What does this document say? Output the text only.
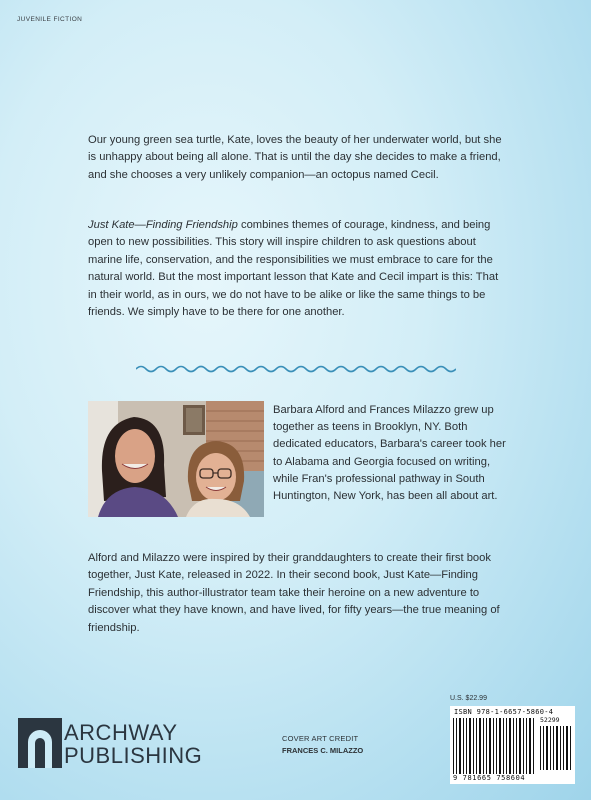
JUVENILE FICTION

Our young green sea turtle, Kate, loves the beauty of her underwater world, but she is unhappy about being all alone. That is until the day she decides to make a friend, and she chooses a very unlikely companion—an octopus named Cecil.

Just Kate—Finding Friendship combines themes of courage, kindness, and being open to new possibilities. This story will inspire children to ask questions about marine life, conservation, and the responsibilities we must embrace to care for the natural world. But the most important lesson that Kate and Cecil impart is this: That in their world, as in ours, we do not have to be alike or like the same things to be friends. We simply have to be there for one another.

Barbara Alford and Frances Milazzo grew up together as teens in Brooklyn, NY. Both dedicated educators, Barbara's career took her to Alabama and Georgia focused on writing, while Fran's professional pathway in South Huntington, New York, has been all about art.

Alford and Milazzo were inspired by their granddaughters to create their first book together, Just Kate, released in 2022. In their second book, Just Kate—Finding Friendship, this author-illustrator team take their heroine on a new adventure to discover what they have known, and have lived, for fifty years—the true meaning of friendship.

ARCHWAY
PUBLISHING
COVER ART CREDIT
FRANCES C. MILAZZO
U.S. $22.99
ISBN 978-1-6657-5860-4
52299
9 781665 758604
